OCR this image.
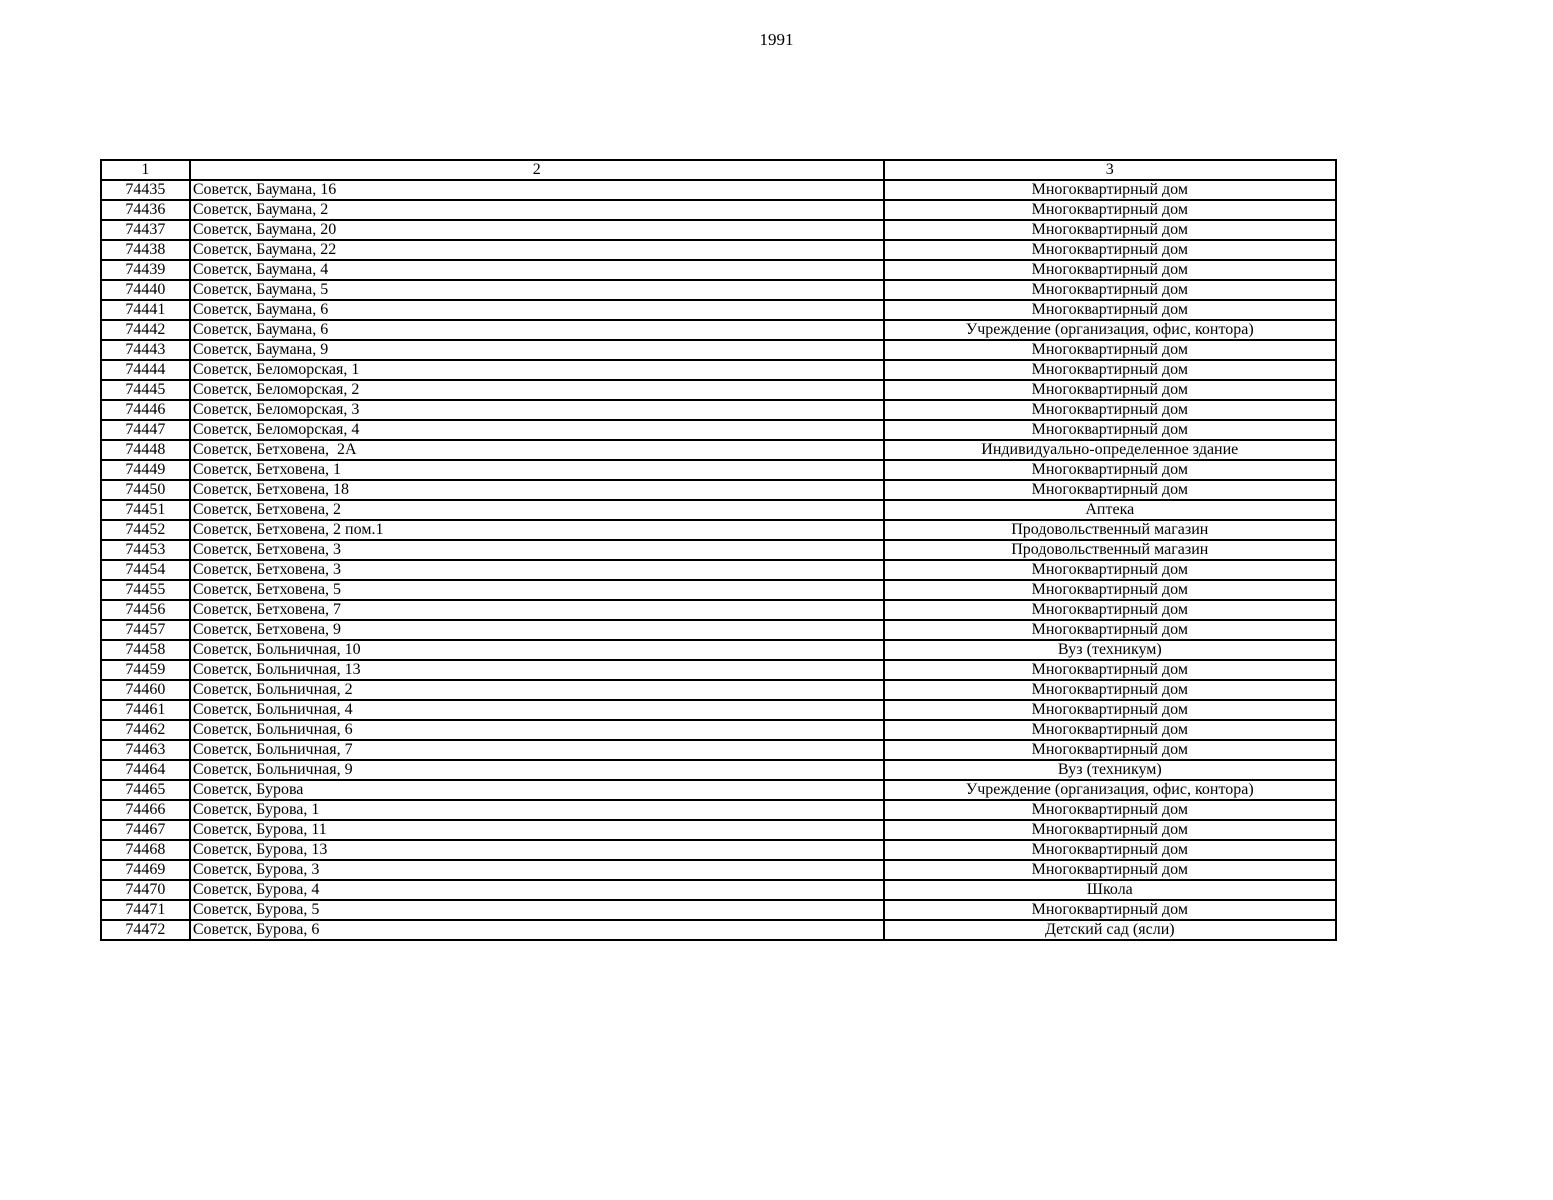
1991
1	2	3
74435	Советск, Баумана, 16	Многоквартирный дом
74436	Советск, Баумана, 2	Многоквартирный дом
74437	Советск, Баумана, 20	Многоквартирный дом
74438	Советск, Баумана, 22	Многоквартирный дом
74439	Советск, Баумана, 4	Многоквартирный дом
74440	Советск, Баумана, 5	Многоквартирный дом
74441	Советск, Баумана, 6	Многоквартирный дом
74442	Советск, Баумана, 6	Учреждение (организация, офис, контора)
74443	Советск, Баумана, 9	Многоквартирный дом
74444	Советск, Беломорская, 1	Многоквартирный дом
74445	Советск, Беломорская, 2	Многоквартирный дом
74446	Советск, Беломорская, 3	Многоквартирный дом
74447	Советск, Беломорская, 4	Многоквартирный дом
74448	Советск, Бетховена,  2А	Индивидуально-определенное здание
74449	Советск, Бетховена, 1	Многоквартирный дом
74450	Советск, Бетховена, 18	Многоквартирный дом
74451	Советск, Бетховена, 2	Аптека
74452	Советск, Бетховена, 2 пом.1	Продовольственный магазин
74453	Советск, Бетховена, 3	Продовольственный магазин
74454	Советск, Бетховена, 3	Многоквартирный дом
74455	Советск, Бетховена, 5	Многоквартирный дом
74456	Советск, Бетховена, 7	Многоквартирный дом
74457	Советск, Бетховена, 9	Многоквартирный дом
74458	Советск, Больничная, 10	Вуз (техникум)
74459	Советск, Больничная, 13	Многоквартирный дом
74460	Советск, Больничная, 2	Многоквартирный дом
74461	Советск, Больничная, 4	Многоквартирный дом
74462	Советск, Больничная, 6	Многоквартирный дом
74463	Советск, Больничная, 7	Многоквартирный дом
74464	Советск, Больничная, 9	Вуз (техникум)
74465	Советск, Бурова	Учреждение (организация, офис, контора)
74466	Советск, Бурова, 1	Многоквартирный дом
74467	Советск, Бурова, 11	Многоквартирный дом
74468	Советск, Бурова, 13	Многоквартирный дом
74469	Советск, Бурова, 3	Многоквартирный дом
74470	Советск, Бурова, 4	Школа
74471	Советск, Бурова, 5	Многоквартирный дом
74472	Советск, Бурова, 6	Детский сад (ясли)
